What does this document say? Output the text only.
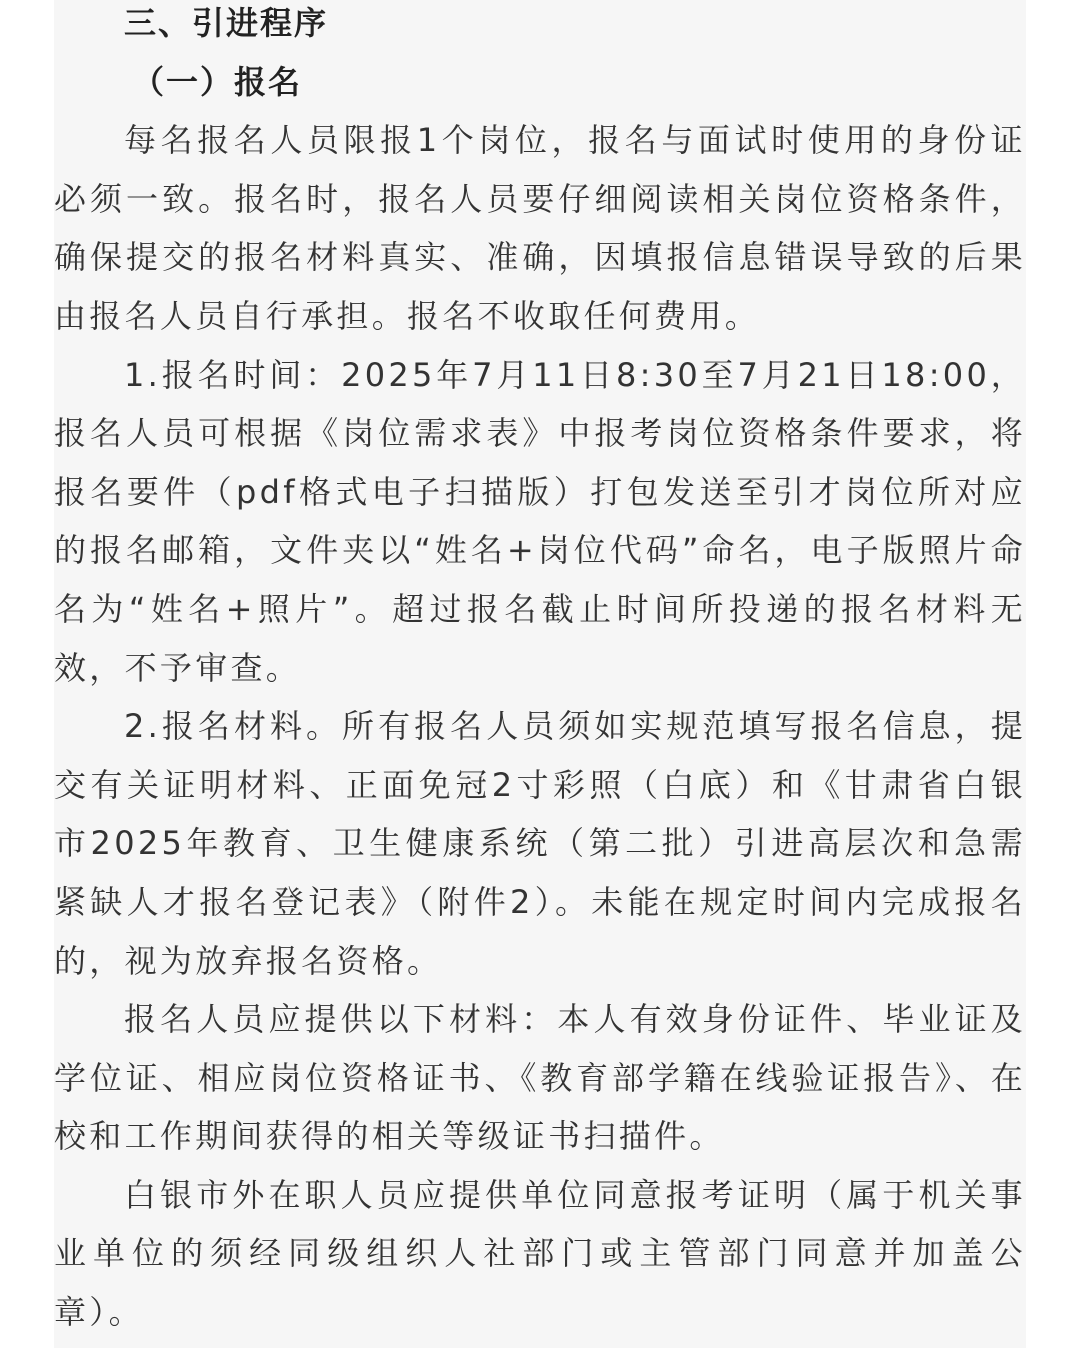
三、引进程序
（一）报名

每名报名人员限报1个岗位，报名与面试时使用的身份证必须一致。报名时，报名人员要仔细阅读相关岗位资格条件，确保提交的报名材料真实、准确，因填报信息错误导致的后果由报名人员自行承担。报名不收取任何费用。

1.报名时间：2025年7月11日8:30至7月21日18:00，报名人员可根据《岗位需求表》中报考岗位资格条件要求，将报名要件（pdf格式电子扫描版）打包发送至引才岗位所对应的报名邮箱，文件夹以“姓名+岗位代码”命名，电子版照片命名为“姓名+照片”。超过报名截止时间所投递的报名材料无效，不予审查。

2.报名材料。所有报名人员须如实规范填写报名信息，提交有关证明材料、正面免冠2寸彩照（白底）和《甘肃省白银市2025年教育、卫生健康系统（第二批）引进高层次和急需紧缺人才报名登记表》（附件2）。未能在规定时间内完成报名的，视为放弃报名资格。

报名人员应提供以下材料：本人有效身份证件、毕业证及学位证、相应岗位资格证书、《教育部学籍在线验证报告》、在校和工作期间获得的相关等级证书扫描件。

白银市外在职人员应提供单位同意报考证明（属于机关事业单位的须经同级组织人社部门或主管部门同意并加盖公章）。
